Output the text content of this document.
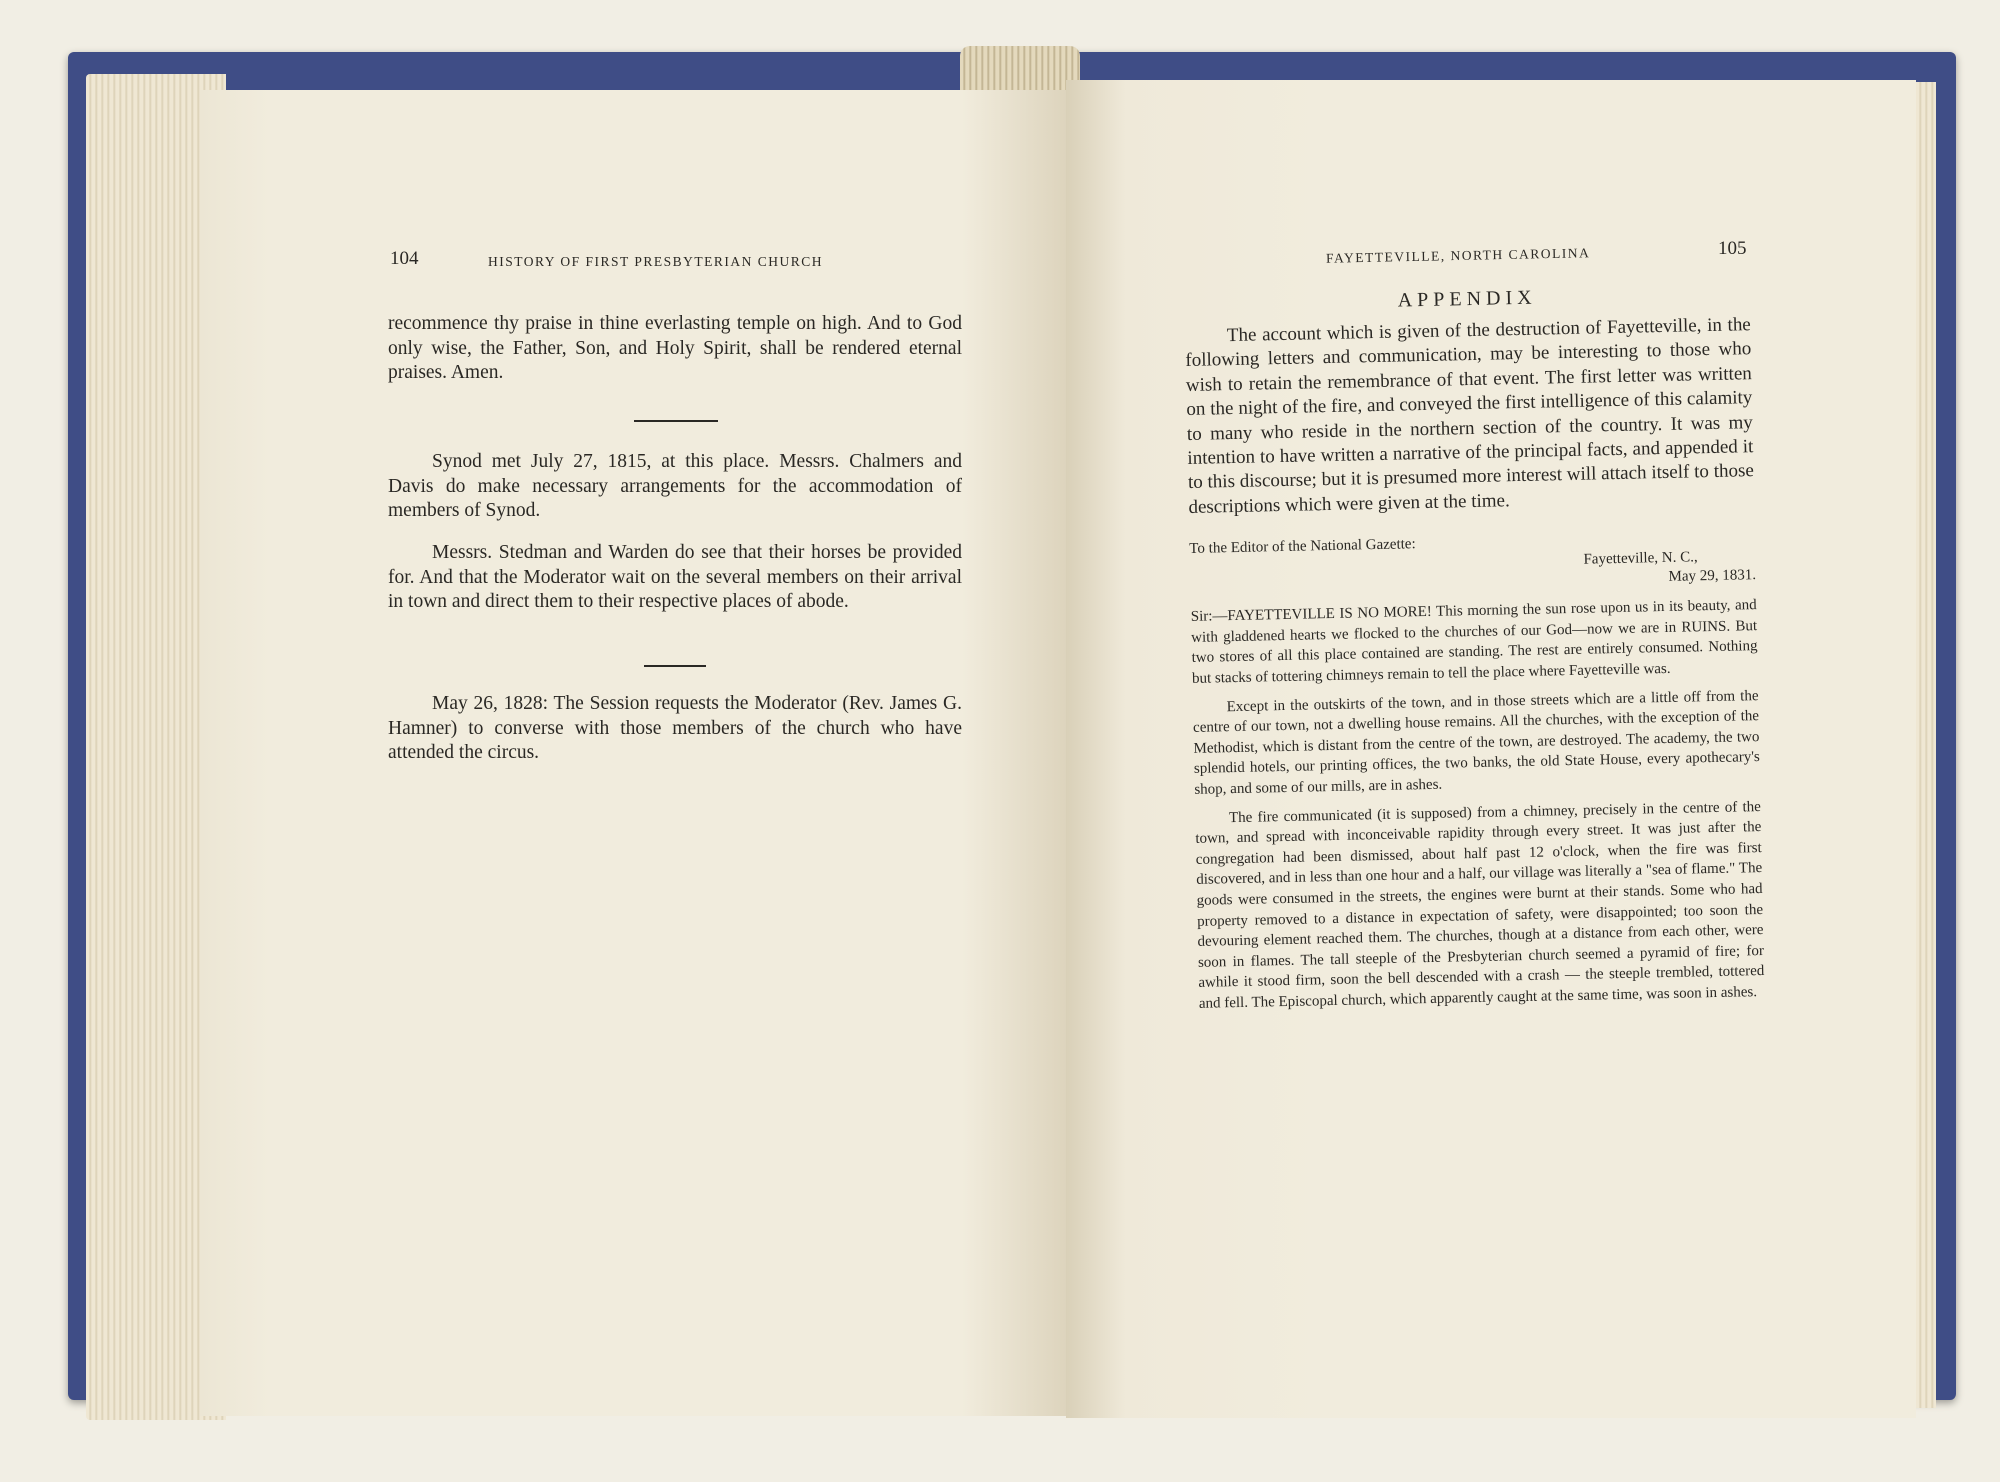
104	HISTORY OF FIRST PRESBYTERIAN CHURCH

recommence thy praise in thine everlasting temple on high. And to God only wise, the Father, Son, and Holy Spirit, shall be rendered eternal praises. Amen.

Synod met July 27, 1815, at this place. Messrs. Chalmers and Davis do make necessary arrangements for the accommodation of members of Synod.

Messrs. Stedman and Warden do see that their horses be provided for. And that the Moderator wait on the several members on their arrival in town and direct them to their respective places of abode.

May 26, 1828: The Session requests the Moderator (Rev. James G. Hamner) to converse with those members of the church who have attended the circus.

FAYETTEVILLE, NORTH CAROLINA	105
APPENDIX

The account which is given of the destruction of Fayetteville, in the following letters and communication, may be interesting to those who wish to retain the remembrance of that event. The first letter was written on the night of the fire, and conveyed the first intelligence of this calamity to many who reside in the northern section of the country. It was my intention to have written a narrative of the principal facts, and appended it to this discourse; but it is presumed more interest will attach itself to those descriptions which were given at the time.

To the Editor of the National Gazette:
Fayetteville, N. C.,
May 29, 1831.

Sir:—FAYETTEVILLE IS NO MORE! This morning the sun rose upon us in its beauty, and with gladdened hearts we flocked to the churches of our God—now we are in RUINS. But two stores of all this place contained are standing. The rest are entirely consumed. Nothing but stacks of tottering chimneys remain to tell the place where Fayetteville was.

Except in the outskirts of the town, and in those streets which are a little off from the centre of our town, not a dwelling house remains. All the churches, with the exception of the Methodist, which is distant from the centre of the town, are destroyed. The academy, the two splendid hotels, our printing offices, the two banks, the old State House, every apothecary's shop, and some of our mills, are in ashes.

The fire communicated (it is supposed) from a chimney, precisely in the centre of the town, and spread with inconceivable rapidity through every street. It was just after the congregation had been dismissed, about half past 12 o'clock, when the fire was first discovered, and in less than one hour and a half, our village was literally a "sea of flame." The goods were consumed in the streets, the engines were burnt at their stands. Some who had property removed to a distance in expectation of safety, were disappointed; too soon the devouring element reached them. The churches, though at a distance from each other, were soon in flames. The tall steeple of the Presbyterian church seemed a pyramid of fire; for awhile it stood firm, soon the bell descended with a crash — the steeple trembled, tottered and fell. The Episcopal church, which apparently caught at the same time, was soon in ashes.
